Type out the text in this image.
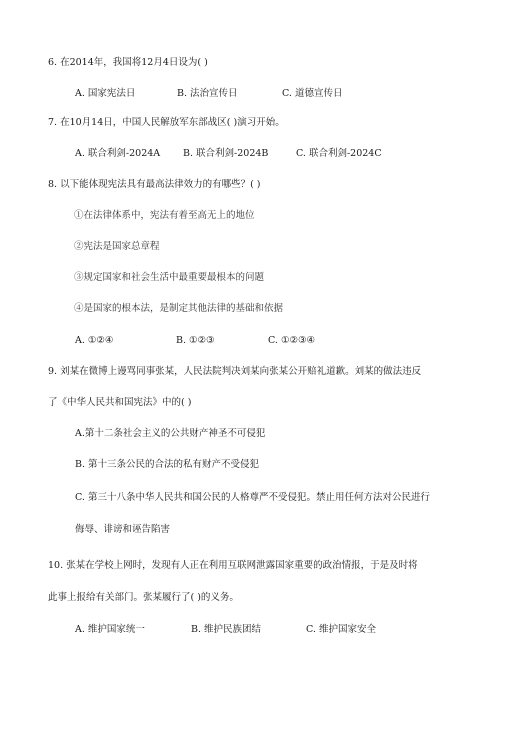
6. 在2014年，我国将12月4日设为( )
A. 国家宪法日	B. 法治宣传日	C. 道德宣传日
7. 在10月14日，中国人民解放军东部战区( )演习开始。
A. 联合利剑-2024A B. 联合利剑-2024B	C. 联合利剑-2024C
8. 以下能体现宪法具有最高法律效力的有哪些？( )
①在法律体系中，宪法有着至高无上的地位
②宪法是国家总章程
③规定国家和社会生活中最重要最根本的问题
④是国家的根本法，是制定其他法律的基础和依据
A. ①②④	B. ①②③	C. ①②③④
9. 刘某在微博上谩骂同事张某，人民法院判决刘某向张某公开赔礼道歉。刘某的做法违反
了《中华人民共和国宪法》中的( )
A.第十二条社会主义的公共财产神圣不可侵犯
B. 第十三条公民的合法的私有财产不受侵犯
C. 第三十八条中华人民共和国公民的人格尊严不受侵犯。禁止用任何方法对公民进行
侮辱、诽谤和诬告陷害
10. 张某在学校上网时，发现有人正在利用互联网泄露国家重要的政治情报，于是及时将
此事上报给有关部门。张某履行了( )的义务。
A. 维护国家统一	B. 维护民族团结	C. 维护国家安全
